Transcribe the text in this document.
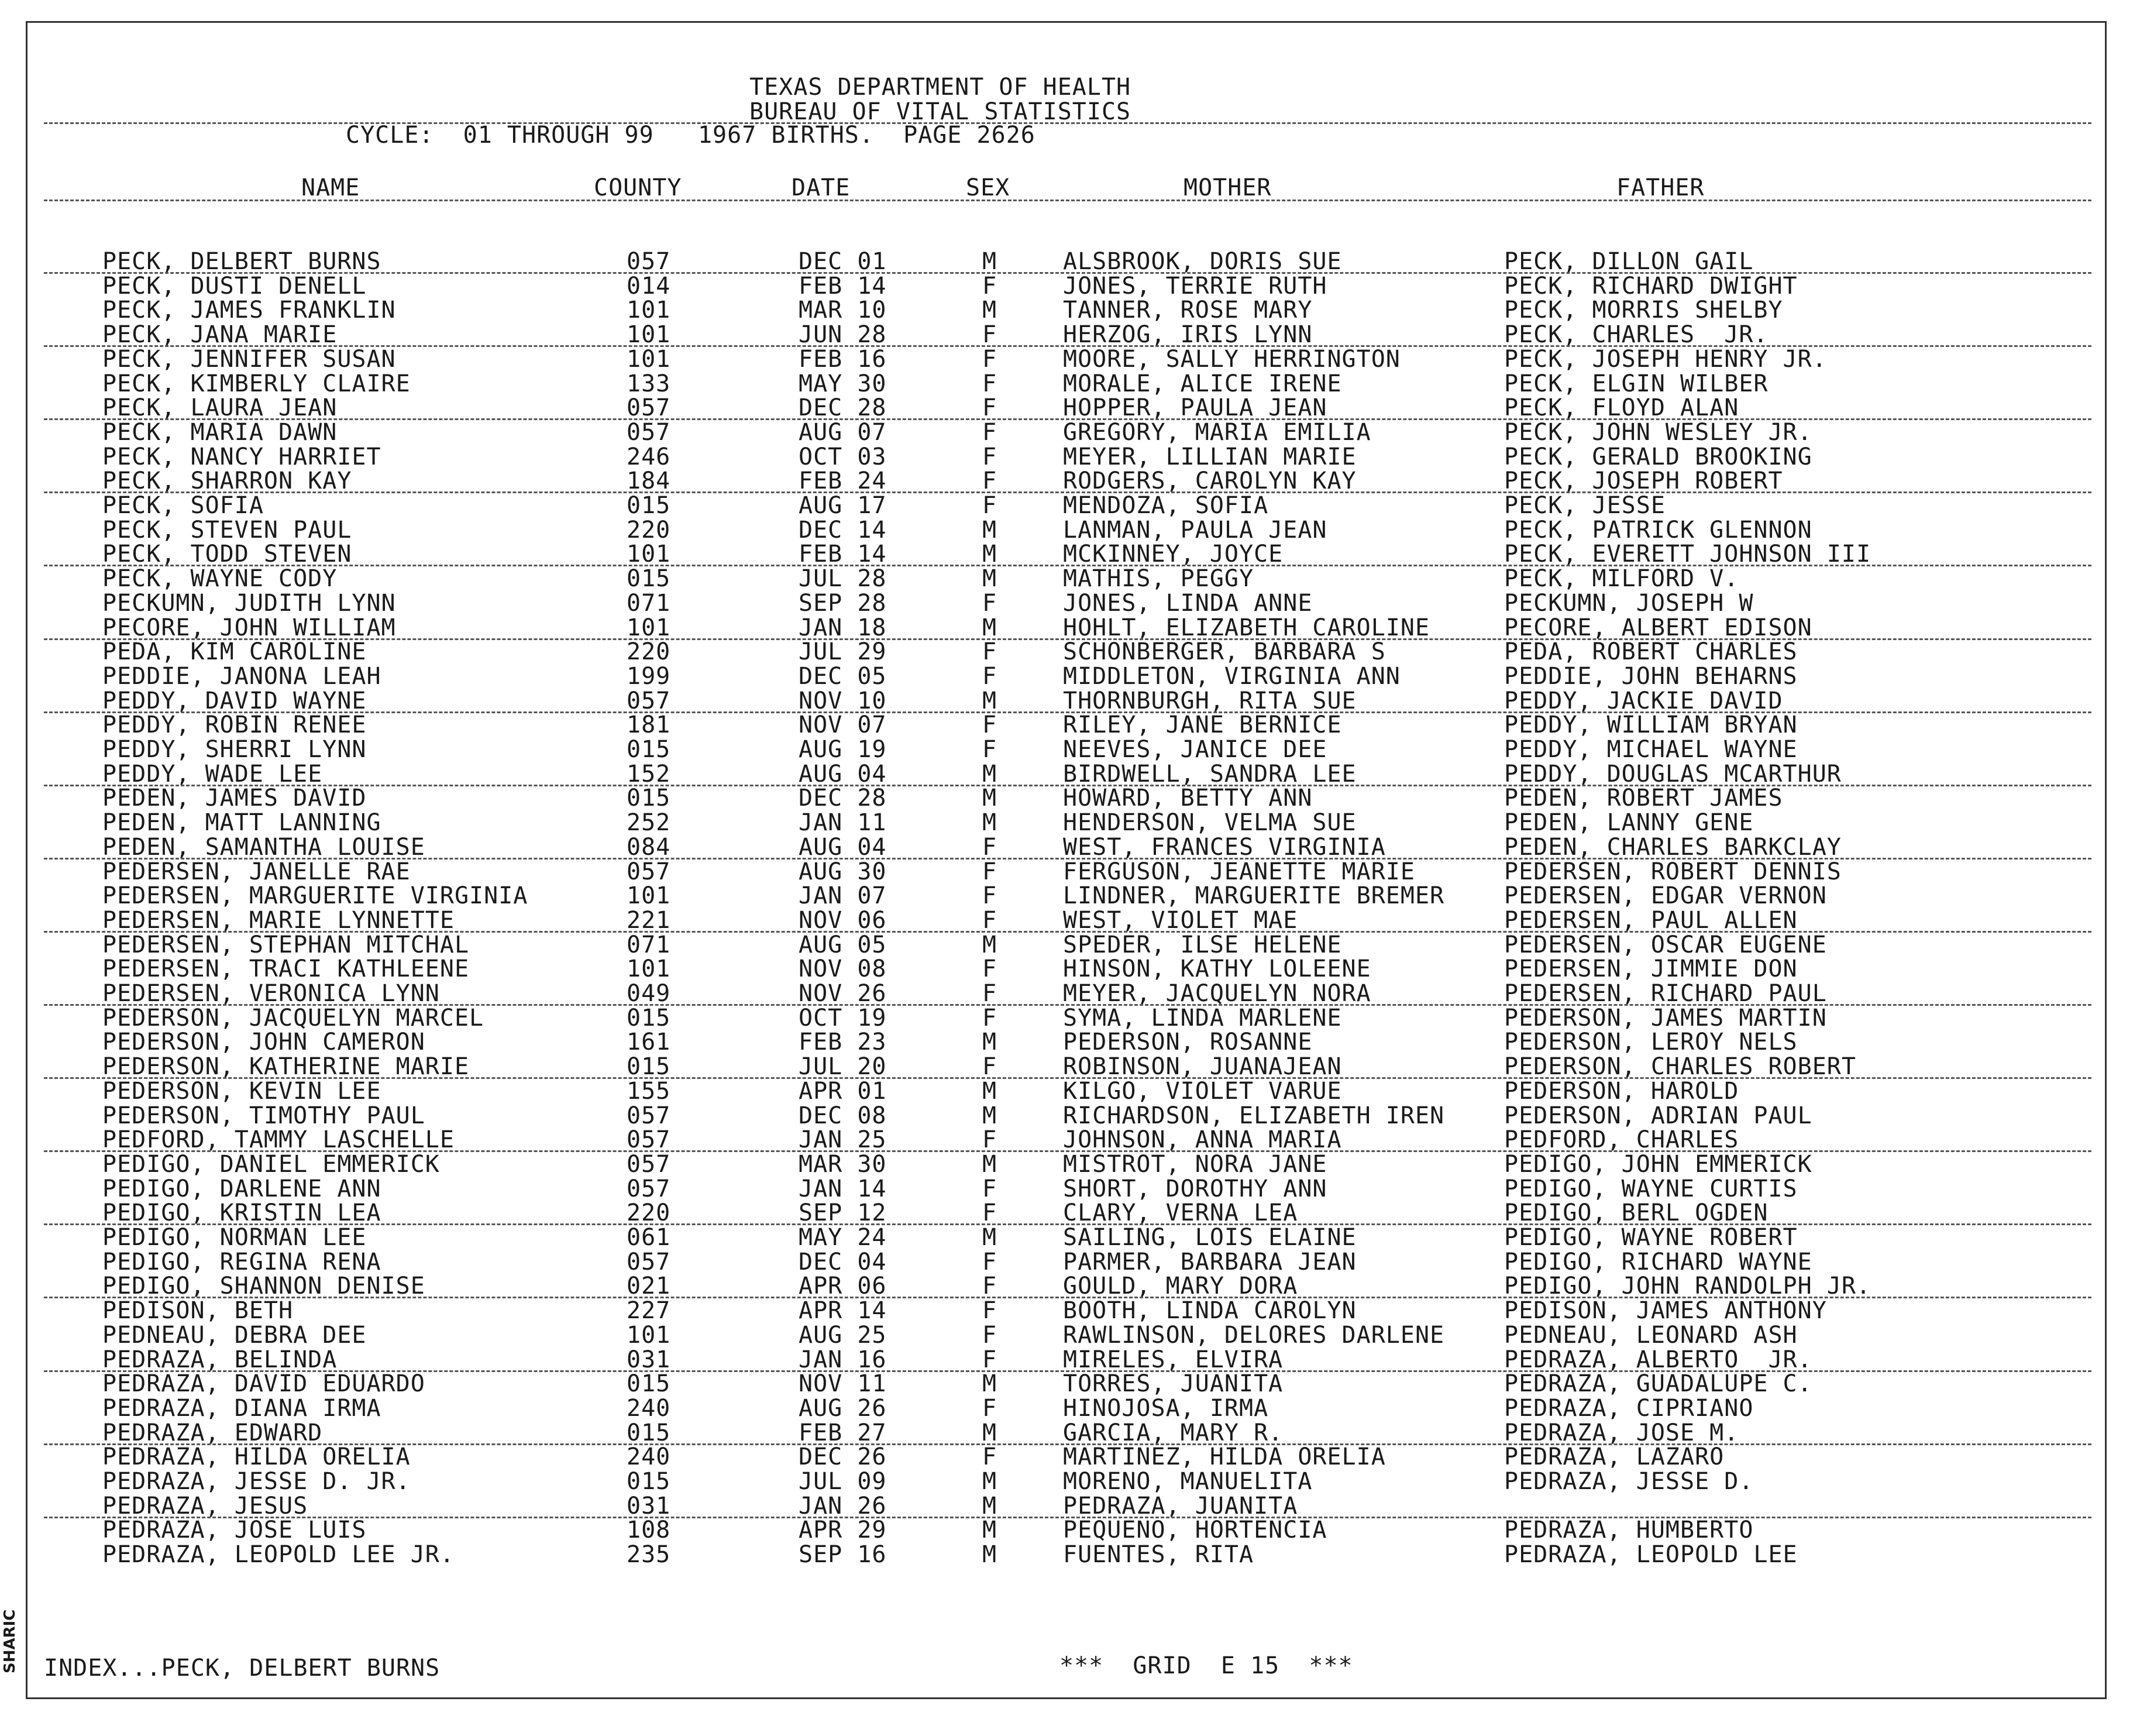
TEXAS DEPARTMENT OF HEALTH
BUREAU OF VITAL STATISTICS
CYCLE:  01 THROUGH 99   1967 BIRTHS.  PAGE 2626
NAME	COUNTY	DATE	SEX	MOTHER	FATHER
PECK, DELBERT BURNS	057	DEC 01	M	ALSBROOK, DORIS SUE	PECK, DILLON GAIL
PECK, DUSTI DENELL	014	FEB 14	F	JONES, TERRIE RUTH	PECK, RICHARD DWIGHT
PECK, JAMES FRANKLIN	101	MAR 10	M	TANNER, ROSE MARY	PECK, MORRIS SHELBY
PECK, JANA MARIE	101	JUN 28	F	HERZOG, IRIS LYNN	PECK, CHARLES  JR.
PECK, JENNIFER SUSAN	101	FEB 16	F	MOORE, SALLY HERRINGTON	PECK, JOSEPH HENRY JR.
PECK, KIMBERLY CLAIRE	133	MAY 30	F	MORALE, ALICE IRENE	PECK, ELGIN WILBER
PECK, LAURA JEAN	057	DEC 28	F	HOPPER, PAULA JEAN	PECK, FLOYD ALAN
PECK, MARIA DAWN	057	AUG 07	F	GREGORY, MARIA EMILIA	PECK, JOHN WESLEY JR.
PECK, NANCY HARRIET	246	OCT 03	F	MEYER, LILLIAN MARIE	PECK, GERALD BROOKING
PECK, SHARRON KAY	184	FEB 24	F	RODGERS, CAROLYN KAY	PECK, JOSEPH ROBERT
PECK, SOFIA	015	AUG 17	F	MENDOZA, SOFIA	PECK, JESSE
PECK, STEVEN PAUL	220	DEC 14	M	LANMAN, PAULA JEAN	PECK, PATRICK GLENNON
PECK, TODD STEVEN	101	FEB 14	M	MCKINNEY, JOYCE	PECK, EVERETT JOHNSON III
PECK, WAYNE CODY	015	JUL 28	M	MATHIS, PEGGY	PECK, MILFORD V.
PECKUMN, JUDITH LYNN	071	SEP 28	F	JONES, LINDA ANNE	PECKUMN, JOSEPH W
PECORE, JOHN WILLIAM	101	JAN 18	M	HOHLT, ELIZABETH CAROLINE	PECORE, ALBERT EDISON
PEDA, KIM CAROLINE	220	JUL 29	F	SCHONBERGER, BARBARA S	PEDA, ROBERT CHARLES
PEDDIE, JANONA LEAH	199	DEC 05	F	MIDDLETON, VIRGINIA ANN	PEDDIE, JOHN BEHARNS
PEDDY, DAVID WAYNE	057	NOV 10	M	THORNBURGH, RITA SUE	PEDDY, JACKIE DAVID
PEDDY, ROBIN RENEE	181	NOV 07	F	RILEY, JANE BERNICE	PEDDY, WILLIAM BRYAN
PEDDY, SHERRI LYNN	015	AUG 19	F	NEEVES, JANICE DEE	PEDDY, MICHAEL WAYNE
PEDDY, WADE LEE	152	AUG 04	M	BIRDWELL, SANDRA LEE	PEDDY, DOUGLAS MCARTHUR
PEDEN, JAMES DAVID	015	DEC 28	M	HOWARD, BETTY ANN	PEDEN, ROBERT JAMES
PEDEN, MATT LANNING	252	JAN 11	M	HENDERSON, VELMA SUE	PEDEN, LANNY GENE
PEDEN, SAMANTHA LOUISE	084	AUG 04	F	WEST, FRANCES VIRGINIA	PEDEN, CHARLES BARKCLAY
PEDERSEN, JANELLE RAE	057	AUG 30	F	FERGUSON, JEANETTE MARIE	PEDERSEN, ROBERT DENNIS
PEDERSEN, MARGUERITE VIRGINIA	101	JAN 07	F	LINDNER, MARGUERITE BREMER	PEDERSEN, EDGAR VERNON
PEDERSEN, MARIE LYNNETTE	221	NOV 06	F	WEST, VIOLET MAE	PEDERSEN, PAUL ALLEN
PEDERSEN, STEPHAN MITCHAL	071	AUG 05	M	SPEDER, ILSE HELENE	PEDERSEN, OSCAR EUGENE
PEDERSEN, TRACI KATHLEENE	101	NOV 08	F	HINSON, KATHY LOLEENE	PEDERSEN, JIMMIE DON
PEDERSEN, VERONICA LYNN	049	NOV 26	F	MEYER, JACQUELYN NORA	PEDERSEN, RICHARD PAUL
PEDERSON, JACQUELYN MARCEL	015	OCT 19	F	SYMA, LINDA MARLENE	PEDERSON, JAMES MARTIN
PEDERSON, JOHN CAMERON	161	FEB 23	M	PEDERSON, ROSANNE	PEDERSON, LEROY NELS
PEDERSON, KATHERINE MARIE	015	JUL 20	F	ROBINSON, JUANAJEAN	PEDERSON, CHARLES ROBERT
PEDERSON, KEVIN LEE	155	APR 01	M	KILGO, VIOLET VARUE	PEDERSON, HAROLD
PEDERSON, TIMOTHY PAUL	057	DEC 08	M	RICHARDSON, ELIZABETH IREN	PEDERSON, ADRIAN PAUL
PEDFORD, TAMMY LASCHELLE	057	JAN 25	F	JOHNSON, ANNA MARIA	PEDFORD, CHARLES
PEDIGO, DANIEL EMMERICK	057	MAR 30	M	MISTROT, NORA JANE	PEDIGO, JOHN EMMERICK
PEDIGO, DARLENE ANN	057	JAN 14	F	SHORT, DOROTHY ANN	PEDIGO, WAYNE CURTIS
PEDIGO, KRISTIN LEA	220	SEP 12	F	CLARY, VERNA LEA	PEDIGO, BERL OGDEN
PEDIGO, NORMAN LEE	061	MAY 24	M	SAILING, LOIS ELAINE	PEDIGO, WAYNE ROBERT
PEDIGO, REGINA RENA	057	DEC 04	F	PARMER, BARBARA JEAN	PEDIGO, RICHARD WAYNE
PEDIGO, SHANNON DENISE	021	APR 06	F	GOULD, MARY DORA	PEDIGO, JOHN RANDOLPH JR.
PEDISON, BETH	227	APR 14	F	BOOTH, LINDA CAROLYN	PEDISON, JAMES ANTHONY
PEDNEAU, DEBRA DEE	101	AUG 25	F	RAWLINSON, DELORES DARLENE	PEDNEAU, LEONARD ASH
PEDRAZA, BELINDA	031	JAN 16	F	MIRELES, ELVIRA	PEDRAZA, ALBERTO  JR.
PEDRAZA, DAVID EDUARDO	015	NOV 11	M	TORRES, JUANITA	PEDRAZA, GUADALUPE C.
PEDRAZA, DIANA IRMA	240	AUG 26	F	HINOJOSA, IRMA	PEDRAZA, CIPRIANO
PEDRAZA, EDWARD	015	FEB 27	M	GARCIA, MARY R.	PEDRAZA, JOSE M.
PEDRAZA, HILDA ORELIA	240	DEC 26	F	MARTINEZ, HILDA ORELIA	PEDRAZA, LAZARO
PEDRAZA, JESSE D. JR.	015	JUL 09	M	MORENO, MANUELITA	PEDRAZA, JESSE D.
PEDRAZA, JESUS	031	JAN 26	M	PEDRAZA, JUANITA
PEDRAZA, JOSE LUIS	108	APR 29	M	PEQUENO, HORTENCIA	PEDRAZA, HUMBERTO
PEDRAZA, LEOPOLD LEE JR.	235	SEP 16	M	FUENTES, RITA	PEDRAZA, LEOPOLD LEE
INDEX...PECK, DELBERT BURNS	***  GRID  E 15  ***
SHARIC
